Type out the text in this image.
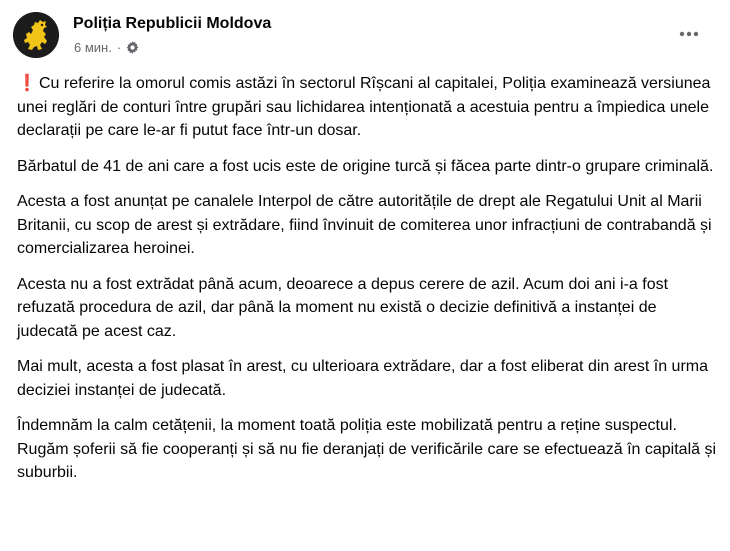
Poliția Republicii Moldova
6 мин. ·

❗ Cu referire la omorul comis astăzi în sectorul Rîșcani al capitalei, Poliția examinează versiunea unei reglări de conturi între grupări sau lichidarea intenționată a acestuia pentru a împiedica unele declarații pe care le-ar fi putut face într-un dosar.

Bărbatul de 41 de ani care a fost ucis este de origine turcă și făcea parte dintr-o grupare criminală.

Acesta a fost anunțat pe canalele Interpol de către autoritățile de drept ale Regatului Unit al Marii Britanii, cu scop de arest și extrădare, fiind învinuit de comiterea unor infracțiuni de contrabandă și comercializarea heroinei.

Acesta nu a fost extrădat până acum, deoarece a depus cerere de azil. Acum doi ani i-a fost refuzată procedura de azil, dar până la moment nu există o decizie definitivă a instanței de judecată pe acest caz.

Mai mult, acesta a fost plasat în arest, cu ulterioara extrădare, dar a fost eliberat din arest în urma deciziei instanței de judecată.

Îndemnăm la calm cetățenii, la moment toată poliția este mobilizată pentru a reține suspectul. Rugăm șoferii să fie cooperanți și să nu fie deranjați de verificările care se efectuează în capitală și suburbii.
